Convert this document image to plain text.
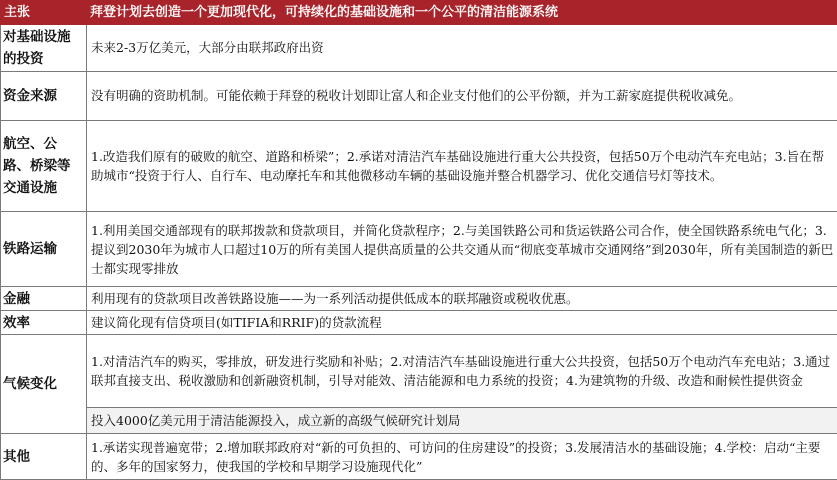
主张	拜登计划去创造一个更加现代化，可持续化的基础设施和一个公平的清洁能源系统
对基础设施的投资	未来2-3万亿美元，大部分由联邦政府出资
资金来源	没有明确的资助机制。可能依赖于拜登的税收计划即让富人和企业支付他们的公平份额，并为工薪家庭提供税收减免。
航空、公路、桥梁等交通设施	1.改造我们原有的破败的航空、道路和桥梁”；2.承诺对清洁汽车基础设施进行重大公共投资，包括50万个电动汽车充电站；3.旨在帮助城市“投资于行人、自行车、电动摩托车和其他微移动车辆的基础设施并整合机器学习、优化交通信号灯等技术。
铁路运输	1.利用美国交通部现有的联邦拨款和贷款项目，并简化贷款程序；2.与美国铁路公司和货运铁路公司合作，使全国铁路系统电气化；3.提议到2030年为城市人口超过10万的所有美国人提供高质量的公共交通从而“彻底变革城市交通网络”到2030年，所有美国制造的新巴士都实现零排放
金融	利用现有的贷款项目改善铁路设施——为一系列活动提供低成本的联邦融资或税收优惠。
效率	建议简化现有信贷项目(如TIFIA和RRIF)的贷款流程
气候变化	1.对清洁汽车的购买，零排放，研发进行奖励和补贴；2.对清洁汽车基础设施进行重大公共投资，包括50万个电动汽车充电站；3.通过联邦直接支出、税收激励和创新融资机制，引导对能效、清洁能源和电力系统的投资；4.为建筑物的升级、改造和耐候性提供资金
	投入4000亿美元用于清洁能源投入，成立新的高级气候研究计划局
其他	1.承诺实现普遍宽带；2.增加联邦政府对“新的可负担的、可访问的住房建设”的投资；3.发展清洁水的基础设施；4.学校：启动“主要的、多年的国家努力，使我国的学校和早期学习设施现代化”
